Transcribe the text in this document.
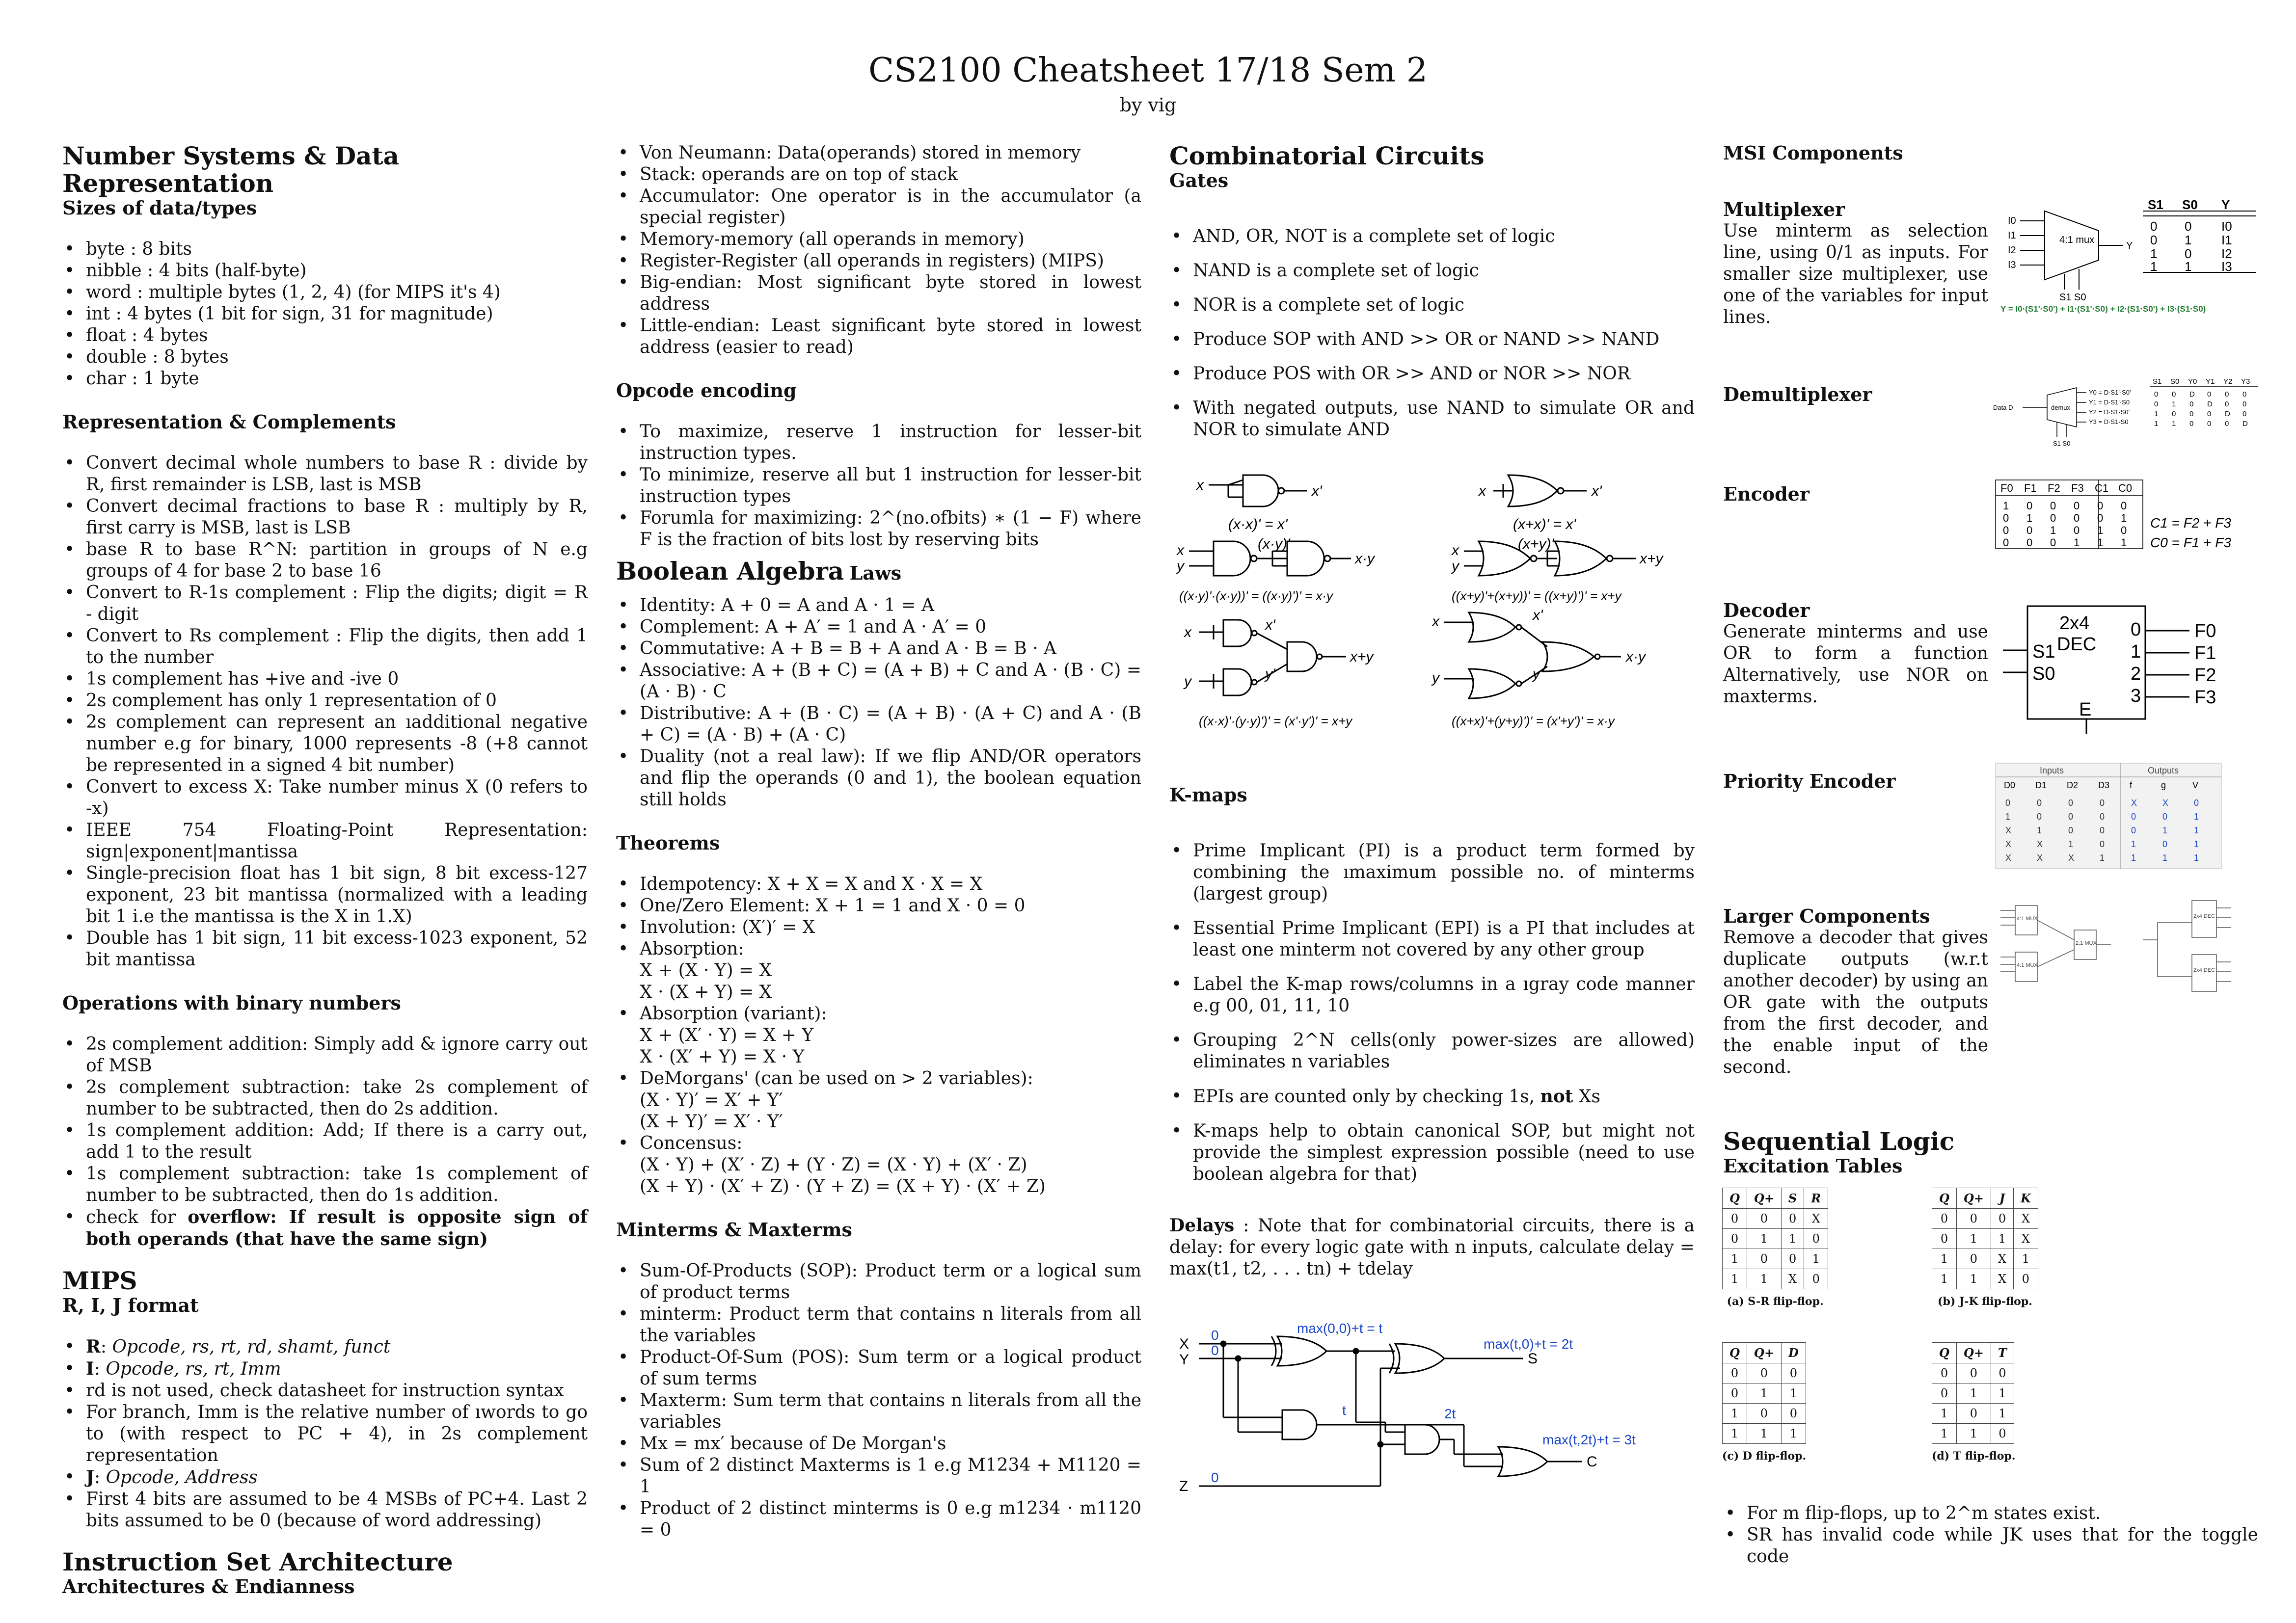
CS2100 Cheatsheet 17/18 Sem 2
by vig
Number Systems & Data Representation
Sizes of data/types
• byte : 8 bits
• nibble : 4 bits (half-byte)
• word : multiple bytes (1, 2, 4) (for MIPS it's 4)
• int : 4 bytes (1 bit for sign, 31 for magnitude)
• float : 4 bytes
• double : 8 bytes
• char : 1 byte
Representation & Complements
• Convert decimal whole numbers to base R : divide by R, first remainder is LSB, last is MSB
• Convert decimal fractions to base R : multiply by R, first carry is MSB, last is LSB
• base R to base R^N: partition in groups of N e.g groups of 4 for base 2 to base 16
• Convert to R-1s complement : Flip the digits; digit = R - digit
• Convert to Rs complement : Flip the digits, then add 1 to the number
• 1s complement has +ive and -ive 0
• 2s complement has only 1 representation of 0
• 2s complement can represent an ıadditional negative number e.g for binary, 1000 represents -8 (+8 cannot be represented in a signed 4 bit number)
• Convert to excess X: Take number minus X (0 refers to -x)
• IEEE 754 Floating-Point Representation: sign|exponent|mantissa
• Single-precision float has 1 bit sign, 8 bit excess-127 exponent, 23 bit mantissa (normalized with a leading bit 1 i.e the mantissa is the X in 1.X)
• Double has 1 bit sign, 11 bit excess-1023 exponent, 52 bit mantissa
Operations with binary numbers
• 2s complement addition: Simply add & ignore carry out of MSB
• 2s complement subtraction: take 2s complement of number to be subtracted, then do 2s addition.
• 1s complement addition: Add; If there is a carry out, add 1 to the result
• 1s complement subtraction: take 1s complement of number to be subtracted, then do 1s addition.
• check for overflow: If result is opposite sign of both operands (that have the same sign)
MIPS
R, I, J format
• R: Opcode, rs, rt, rd, shamt, funct
• I: Opcode, rs, rt, Imm
• rd is not used, check datasheet for instruction syntax
• For branch, Imm is the relative number of ıwords to go to (with respect to PC + 4), in 2s complement representation
• J: Opcode, Address
• First 4 bits are assumed to be 4 MSBs of PC+4. Last 2 bits assumed to be 0 (because of word addressing)
Instruction Set Architecture
Architectures & Endianness
• Von Neumann: Data(operands) stored in memory
• Stack: operands are on top of stack
• Accumulator: One operator is in the accumulator (a special register)
• Memory-memory (all operands in memory)
• Register-Register (all operands in registers) (MIPS)
• Big-endian: Most significant byte stored in lowest address
• Little-endian: Least significant byte stored in lowest address (easier to read)
Opcode encoding
• To maximize, reserve 1 instruction for lesser-bit instruction types.
• To minimize, reserve all but 1 instruction for lesser-bit instruction types
• Forumla for maximizing: 2^(no.ofbits) ∗ (1 − F) where F is the fraction of bits lost by reserving bits
Boolean Algebra Laws
• Identity: A + 0 = A and A · 1 = A
• Complement: A + A′ = 1 and A · A′ = 0
• Commutative: A + B = B + A and A · B = B · A
• Associative: A + (B + C) = (A + B) + C and A · (B · C) = (A · B) · C
• Distributive: A + (B · C) = (A + B) · (A + C) and A · (B + C) = (A · B) + (A · C)
• Duality (not a real law): If we flip AND/OR operators and flip the operands (0 and 1), the boolean equation still holds
Theorems
• Idempotency: X + X = X and X · X = X
• One/Zero Element: X + 1 = 1 and X · 0 = 0
• Involution: (X′)′ = X
• Absorption:
X + (X · Y) = X
X · (X + Y) = X
• Absorption (variant):
X + (X′ · Y) = X + Y
X · (X′ + Y) = X · Y
• DeMorgans' (can be used on > 2 variables):
(X · Y)′ = X′ + Y′
(X + Y)′ = X′ · Y′
• Concensus:
(X · Y) + (X′ · Z) + (Y · Z) = (X · Y) + (X′ · Z)
(X + Y) · (X′ + Z) · (Y + Z) = (X + Y) · (X′ + Z)
Minterms & Maxterms
• Sum-Of-Products (SOP): Product term or a logical sum of product terms
• minterm: Product term that contains n literals from all the variables
• Product-Of-Sum (POS): Sum term or a logical product of sum terms
• Maxterm: Sum term that contains n literals from all the variables
• Mx = mx′ because of De Morgan's
• Sum of 2 distinct Maxterms is 1 e.g M1234 + M1120 = 1
• Product of 2 distinct minterms is 0 e.g m1234 · m1120 = 0
Combinatorial Circuits
Gates
• AND, OR, NOT is a complete set of logic
• NAND is a complete set of logic
• NOR is a complete set of logic
• Produce SOP with AND >> OR or NAND >> NAND
• Produce POS with OR >> AND or NOR >> NOR
• With negated outputs, use NAND to simulate OR and NOR to simulate AND
x	x'
(x·x)' = x'
x	x'
(x+x)' = x'
x
y
(x·y)'
x·y
((x·y)'·(x·y))' = ((x·y)')' = x·y
x
y
(x+y)'
x+y
((x+y)'+(x+y))' = ((x+y)')' = x+y
x
y
x'
y'
x+y
((x·x)'·(y·y)')' = (x'·y')' = x+y
x
y
x'
y'
x·y
((x+x)'+(y+y)')' = (x'+y')' = x·y
K-maps
• Prime Implicant (PI) is a product term formed by combining the ımaximum possible no. of minterms (largest group)
• Essential Prime Implicant (EPI) is a PI that includes at least one minterm not covered by any other group
• Label the K-map rows/columns in a ıgray code manner e.g 00, 01, 11, 10
• Grouping 2^N cells(only power-sizes are allowed) eliminates n variables
• EPIs are counted only by checking 1s, not Xs
• K-maps help to obtain canonical SOP, but might not provide the simplest expression possible (need to use boolean algebra for that)
Delays : Note that for combinatorial circuits, there is a delay: for every logic gate with n inputs, calculate delay = max(t1, t2, . . . tn) + tdelay
X
Y
Z
S
C
0
0
0
max(0,0)+t = t
max(t,0)+t = 2t
t	2t
max(t,2t)+t = 3t
MSI Components
Multiplexer
Use minterm as selection line, using 0/1 as inputs. For smaller size multiplexer, use one of the variables for input lines.
4:1 mux
I0
I1
I2
I3
S1 S0
Y
S1 S0 Y
0 0 I0
0 1 I1
1 0 I2
1 1 I3
Y = I0·(S1'·S0') + I1·(S1'·S0) + I2·(S1·S0') + I3·(S1·S0)
Demultiplexer
Data D	demux
Y0 = D·S1'·S0'
Y1 = D·S1'·S0
Y2 = D·S1·S0'
Y3 = D·S1·S0
S1 S0
S1 S0 Y0 Y1 Y2 Y3
0 0 D 0 0 0
0 1 0 D 0 0
1 0 0 0 D 0
1 1 0 0 0 D
Encoder	F0 F1 F2 F3 C1 C0
1 0 0 0 0 0
0 1 0 0 0 1
0 0 1 0 1 0
0 0 0 1 1 1
C1 = F2 + F3
C0 = F1 + F3
Decoder
Generate minterms and use OR to form a function Alternatively, use NOR on maxterms.
2x4
DEC
S1
S0
E
0
1
2
3
F0
F1
F2
F3
Priority Encoder	Inputs	Outputs
D0 D1 D2 D3 f	g	V
0	0	0	0	X	X	0
1	0	0	0	0	0	1
X	1	0	0	0	1	1
X	X	1	0	1	0	1
X	X	X	1	1	1	1
Larger Components
Remove a decoder that gives duplicate outputs (w.r.t another decoder) by using an OR gate with the outputs from the first decoder, and the enable input of the second.
4:1 MUX
4:1 MUX
2:1 MUX
2x4 DEC
2x4 DEC
Sequential Logic
Excitation Tables
Q	Q+	S	R
0	0	0	X
0	1	1	0
1	0	0	1
1	1	X	0
(a) S-R flip-flop.
Q	Q+	J	K
0	0	0	X
0	1	1	X
1	0	X	1
1	1	X	0
(b) J-K flip-flop.
Q	Q+	D
0	0	0
0	1	1
1	0	0
1	1	1
(c) D flip-flop.
Q	Q+	T
0	0	0
0	1	1
1	0	1
1	1	0
(d) T flip-flop.
• For m flip-flops, up to 2^m states exist.
• SR has invalid code while JK uses that for the toggle code
